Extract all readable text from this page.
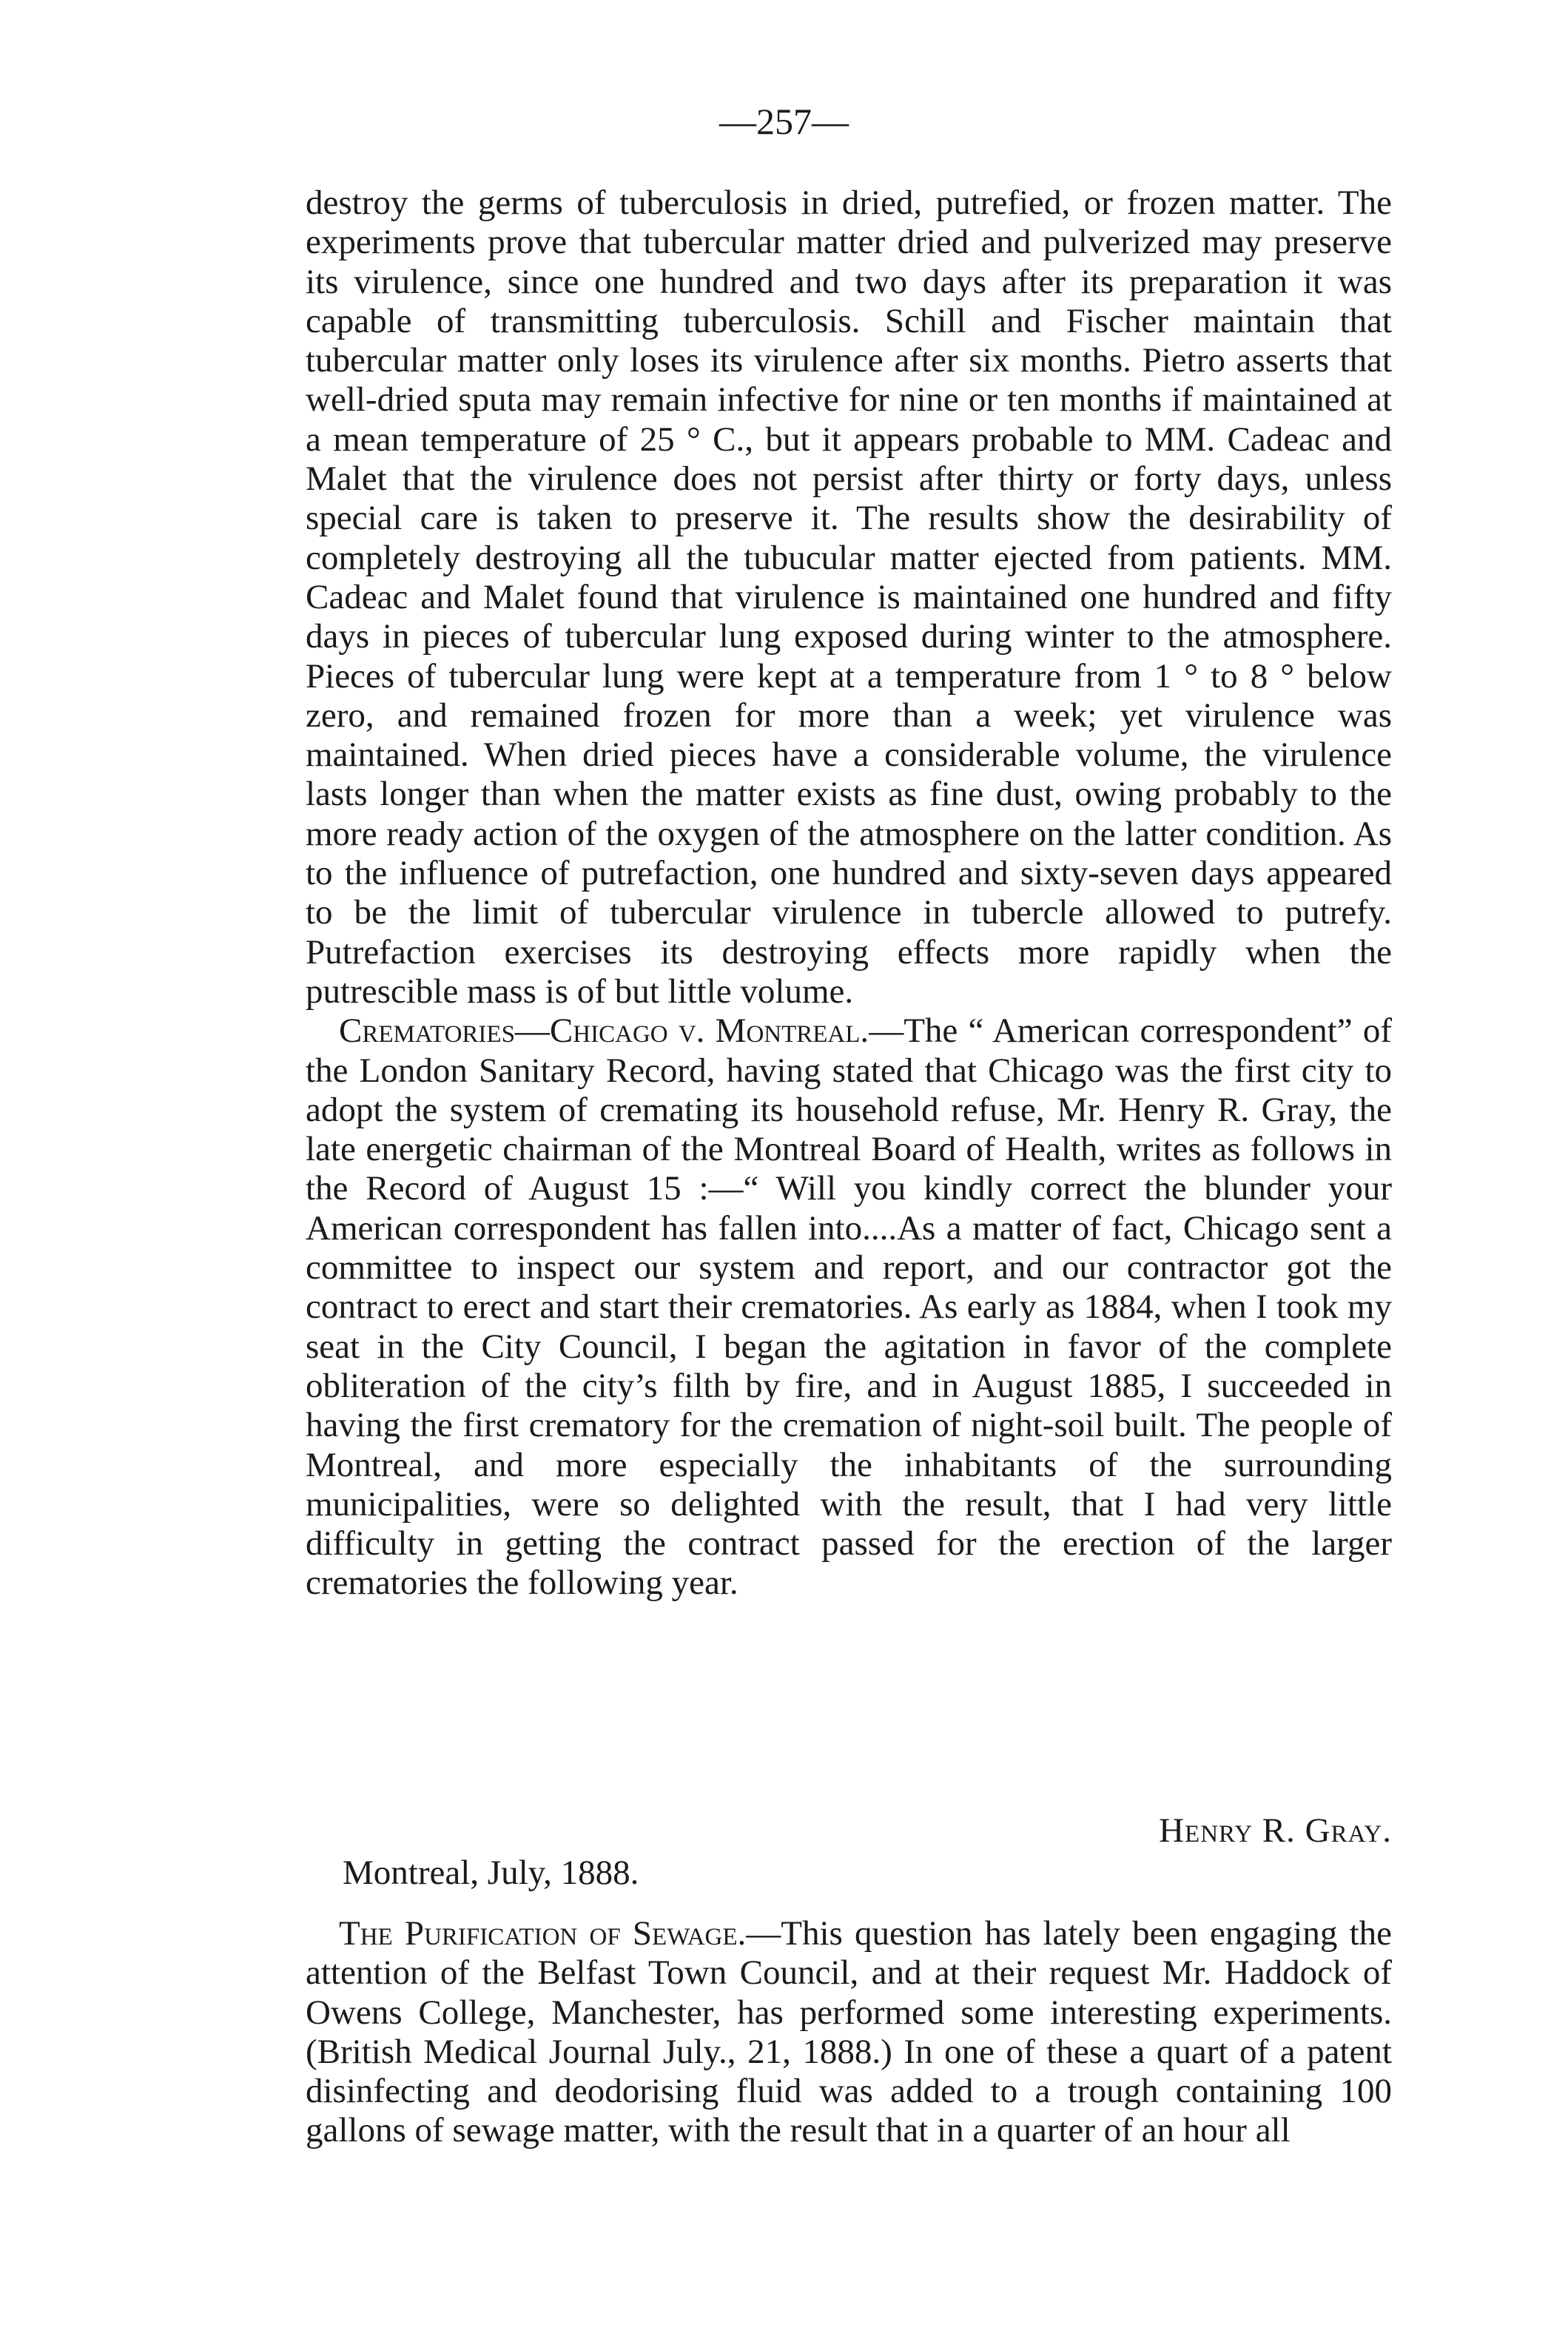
—257—

destroy the germs of tuberculosis in dried, putrefied, or frozen matter. The experiments prove that tubercular matter dried and pulverized may preserve its virulence, since one hundred and two days after its preparation it was capable of transmitting tuberculosis. Schill and Fischer maintain that tubercular matter only loses its virulence after six months. Pietro asserts that well-dried sputa may remain infective for nine or ten months if maintained at a mean temperature of 25 ° C., but it appears probable to MM. Cadeac and Malet that the virulence does not persist after thirty or forty days, unless special care is taken to preserve it. The results show the desirability of completely destroying all the tubucular matter ejected from patients. MM. Cadeac and Malet found that virulence is maintained one hundred and fifty days in pieces of tubercular lung exposed during winter to the atmosphere. Pieces of tubercular lung were kept at a temperature from 1 ° to 8 ° below zero, and remained frozen for more than a week; yet virulence was maintained. When dried pieces have a considerable volume, the virulence lasts longer than when the matter exists as fine dust, owing probably to the more ready action of the oxygen of the atmosphere on the latter condition. As to the influence of putrefaction, one hundred and sixty-seven days appeared to be the limit of tubercular virulence in tubercle allowed to putrefy. Putrefaction exercises its destroying effects more rapidly when the putrescible mass is of but little volume.

Crematories—Chicago v. Montreal.—The “ American correspondent” of the London Sanitary Record, having stated that Chicago was the first city to adopt the system of cremating its household refuse, Mr. Henry R. Gray, the late energetic chairman of the Montreal Board of Health, writes as follows in the Record of August 15 :—“ Will you kindly correct the blunder your American correspondent has fallen into....As a matter of fact, Chicago sent a committee to inspect our system and report, and our contractor got the contract to erect and start their crematories. As early as 1884, when I took my seat in the City Council, I began the agitation in favor of the complete obliteration of the city’s filth by fire, and in August 1885, I succeeded in having the first crematory for the cremation of night-soil built. The people of Montreal, and more especially the inhabitants of the surrounding municipalities, were so delighted with the result, that I had very little difficulty in getting the contract passed for the erection of the larger crematories the following year.

Henry R. Gray.
Montreal, July, 1888.

The Purification of Sewage.—This question has lately been engaging the attention of the Belfast Town Council, and at their request Mr. Haddock of Owens College, Manchester, has performed some interesting experiments. (British Medical Journal July., 21, 1888.) In one of these a quart of a patent disinfecting and deodorising fluid was added to a trough containing 100 gallons of sewage matter, with the result that in a quarter of an hour all
